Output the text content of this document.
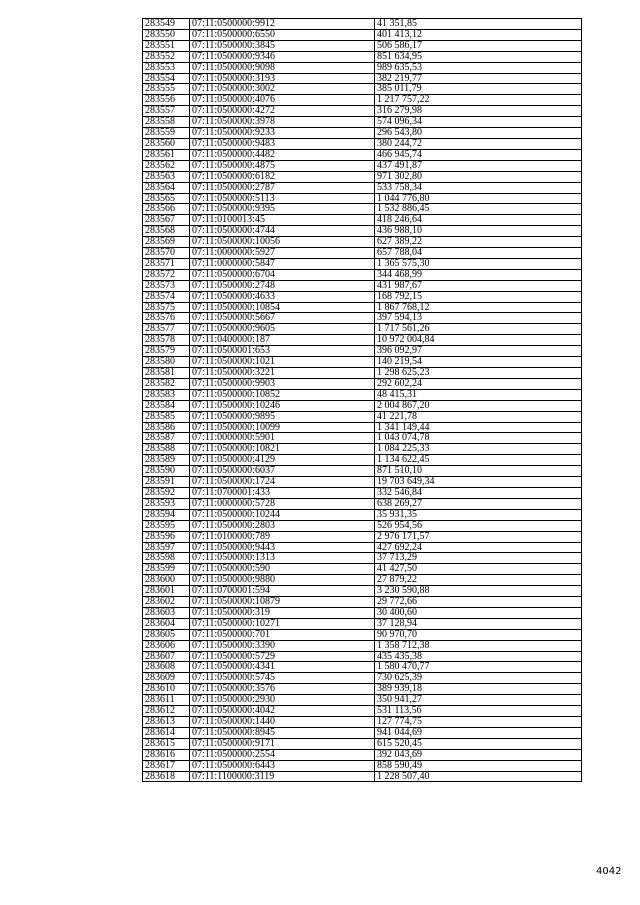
283549	07:11:0500000:9912	41 351,85
283550	07:11:0500000:6550	401 413,12
283551	07:11:0500000:3845	506 586,17
283552	07:11:0500000:9346	851 634,95
283553	07:11:0500000:9098	989 635,53
283554	07:11:0500000:3193	382 219,77
283555	07:11:0500000:3002	385 011,79
283556	07:11:0500000:4076	1 217 757,22
283557	07:11:0500000:4272	316 279,98
283558	07:11:0500000:3978	574 096,34
283559	07:11:0500000:9233	296 543,80
283560	07:11:0500000:9483	380 244,72
283561	07:11:0500000:4482	466 945,74
283562	07:11:0500000:4875	437 491,87
283563	07:11:0500000:6182	971 302,80
283564	07:11:0500000:2787	533 758,34
283565	07:11:0500000:5113	1 044 776,80
283566	07:11:0500000:9395	1 532 886,45
283567	07:11:0100013:45	418 246,64
283568	07:11:0500000:4744	436 988,10
283569	07:11:0500000:10056	627 389,22
283570	07:11:0000000:5927	657 788,04
283571	07:11:0000000:5847	1 365 575,30
283572	07:11:0500000:6704	344 468,99
283573	07:11:0500000:2748	431 987,67
283574	07:11:0500000:4633	168 792,15
283575	07:11:0500000:10854	1 867 768,12
283576	07:11:0500000:5667	397 594,13
283577	07:11:0500000:9605	1 717 561,26
283578	07:11:0400000:187	10 972 004,84
283579	07:11:0500001:653	396 092,97
283580	07:11:0500000:1021	140 219,54
283581	07:11:0500000:3221	1 298 625,23
283582	07:11:0500000:9903	292 602,24
283583	07:11:0500000:10852	48 415,31
283584	07:11:0500000:10246	2 004 867,20
283585	07:11:0500000:9895	41 221,78
283586	07:11:0500000:10099	1 341 149,44
283587	07:11:0000000:5901	1 043 074,78
283588	07:11:0500000:10821	1 084 225,33
283589	07:11:0500000:4129	1 134 622,45
283590	07:11:0500000:6037	871 510,10
283591	07:11:0500000:1724	19 703 649,34
283592	07:11:0700001:433	332 546,84
283593	07:11:0000000:5728	638 269,27
283594	07:11:0500000:10244	35 931,35
283595	07:11:0500000:2803	526 954,56
283596	07:11:0100000:789	2 976 171,57
283597	07:11:0500000:9443	427 692,24
283598	07:11:0500000:1313	37 713,29
283599	07:11:0500000:590	41 427,50
283600	07:11:0500000:9880	27 879,22
283601	07:11:0700001:594	3 230 590,88
283602	07:11:0500000:10879	29 772,66
283603	07:11:0500000:319	30 400,60
283604	07:11:0500000:10271	37 128,94
283605	07:11:0500000:701	90 970,70
283606	07:11:0500000:3390	1 358 712,38
283607	07:11:0500000:5729	435 435,38
283608	07:11:0500000:4341	1 580 470,77
283609	07:11:0500000:5745	730 625,39
283610	07:11:0500000:3576	389 939,18
283611	07:11:0500000:2930	350 941,27
283612	07:11:0500000:4042	531 113,56
283613	07:11:0500000:1440	127 774,75
283614	07:11:0500000:8945	941 044,69
283615	07:11:0500000:9171	615 520,45
283616	07:11:0500000:2554	392 043,69
283617	07:11:0500000:6443	858 590,49
283618	07:11:1100000:3119	1 228 507,40
4042
